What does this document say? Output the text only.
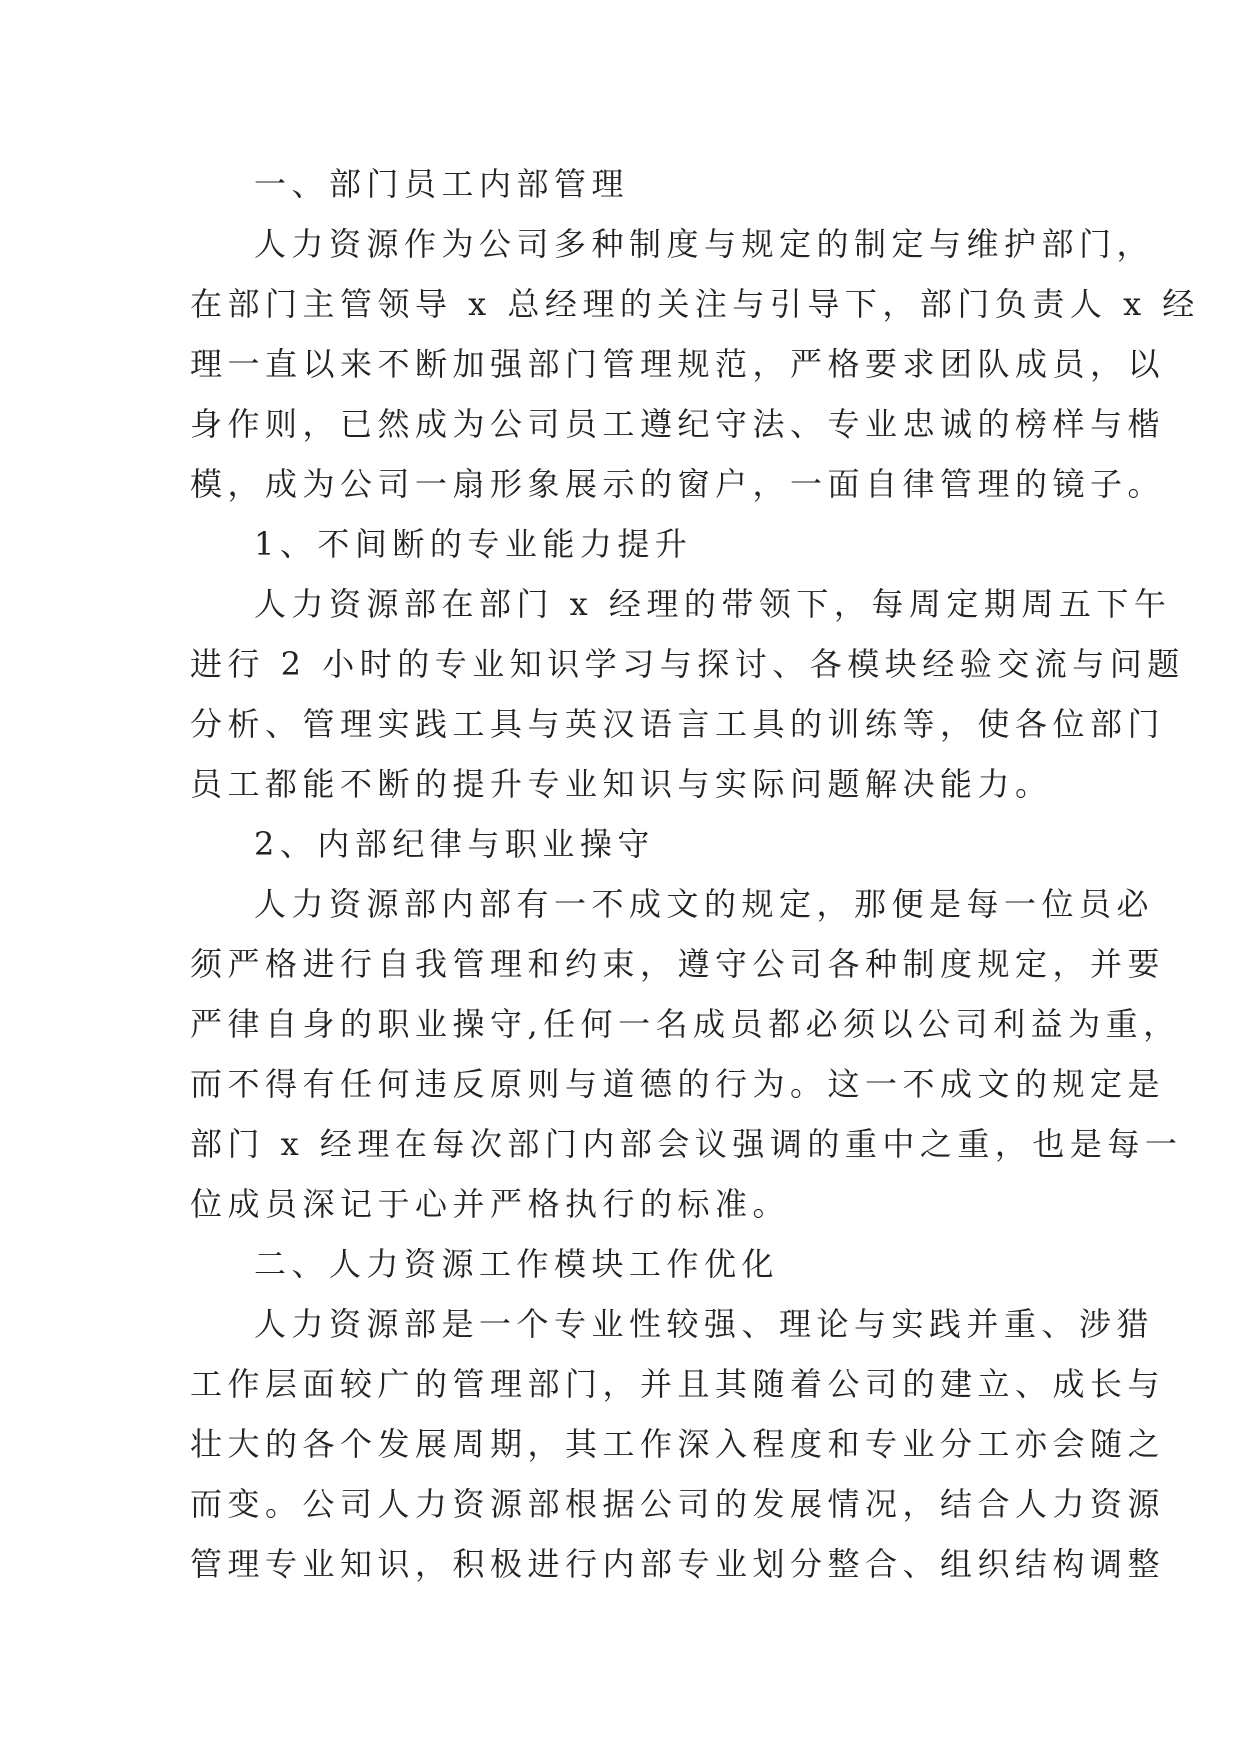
一、部门员工内部管理
人力资源作为公司多种制度与规定的制定与维护部门，
在部门主管领导 x 总经理的关注与引导下，部门负责人 x 经
理一直以来不断加强部门管理规范，严格要求团队成员，以
身作则，已然成为公司员工遵纪守法、专业忠诚的榜样与楷
模，成为公司一扇形象展示的窗户，一面自律管理的镜子。
1、不间断的专业能力提升
人力资源部在部门 x 经理的带领下，每周定期周五下午
进行 2 小时的专业知识学习与探讨、各模块经验交流与问题
分析、管理实践工具与英汉语言工具的训练等，使各位部门
员工都能不断的提升专业知识与实际问题解决能力。
2、内部纪律与职业操守
人力资源部内部有一不成文的规定，那便是每一位员必
须严格进行自我管理和约束，遵守公司各种制度规定，并要
严律自身的职业操守,任何一名成员都必须以公司利益为重，
而不得有任何违反原则与道德的行为。这一不成文的规定是
部门 x 经理在每次部门内部会议强调的重中之重，也是每一
位成员深记于心并严格执行的标准。
二、人力资源工作模块工作优化
人力资源部是一个专业性较强、理论与实践并重、涉猎
工作层面较广的管理部门，并且其随着公司的建立、成长与
壮大的各个发展周期，其工作深入程度和专业分工亦会随之
而变。公司人力资源部根据公司的发展情况，结合人力资源
管理专业知识，积极进行内部专业划分整合、组织结构调整
